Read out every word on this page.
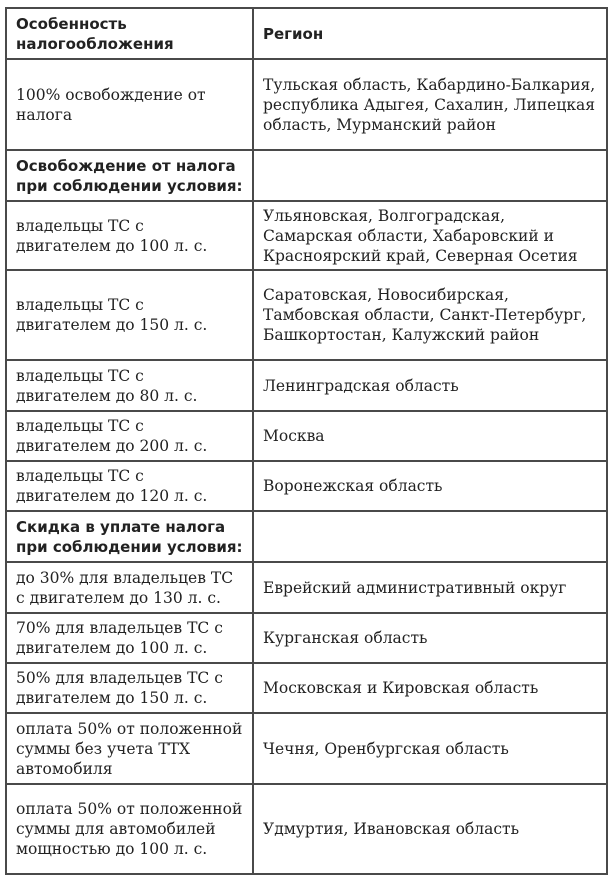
Особенность налогообложения	Регион
100% освобождение от налога	Тульская область, Кабардино-Балкария, республика Адыгея, Сахалин, Липецкая область, Мурманский район
Освобождение от налога при соблюдении условия:	
владельцы ТС с двигателем до 100 л. с.	Ульяновская, Волгоградская, Самарская области, Хабаровский и Красноярский край, Северная Осетия
владельцы ТС с двигателем до 150 л. с.	Саратовская, Новосибирская, Тамбовская области, Санкт-Петербург, Башкортостан, Калужский район
владельцы ТС с двигателем до 80 л. с.	Ленинградская область
владельцы ТС с двигателем до 200 л. с.	Москва
владельцы ТС с двигателем до 120 л. с.	Воронежская область
Скидка в уплате налога при соблюдении условия:	
до 30% для владельцев ТС с двигателем до 130 л. с.	Еврейский административный округ
70% для владельцев ТС с двигателем до 100 л. с.	Курганская область
50% для владельцев ТС с двигателем до 150 л. с.	Московская и Кировская область
оплата 50% от положенной суммы без учета ТТХ автомобиля	Чечня, Оренбургская область
оплата 50% от положенной суммы для автомобилей мощностью до 100 л. с.	Удмуртия, Ивановская область
